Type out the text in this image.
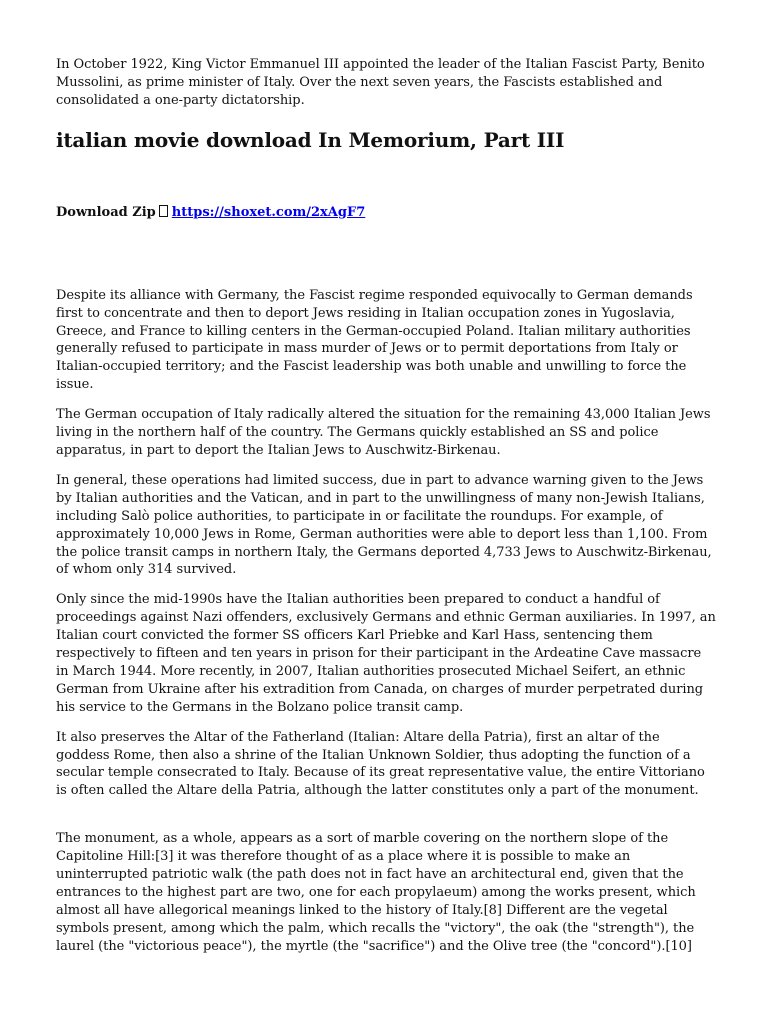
In October 1922, King Victor Emmanuel III appointed the leader of the Italian Fascist Party, Benito Mussolini, as prime minister of Italy. Over the next seven years, the Fascists established and consolidated a one-party dictatorship.

italian movie download In Memorium, Part III

Download Zip https://shoxet.com/2xAgF7

Despite its alliance with Germany, the Fascist regime responded equivocally to German demands first to concentrate and then to deport Jews residing in Italian occupation zones in Yugoslavia, Greece, and France to killing centers in the German-occupied Poland. Italian military authorities generally refused to participate in mass murder of Jews or to permit deportations from Italy or Italian-occupied territory; and the Fascist leadership was both unable and unwilling to force the issue.

The German occupation of Italy radically altered the situation for the remaining 43,000 Italian Jews living in the northern half of the country. The Germans quickly established an SS and police apparatus, in part to deport the Italian Jews to Auschwitz-Birkenau.

In general, these operations had limited success, due in part to advance warning given to the Jews by Italian authorities and the Vatican, and in part to the unwillingness of many non-Jewish Italians, including Salò police authorities, to participate in or facilitate the roundups. For example, of approximately 10,000 Jews in Rome, German authorities were able to deport less than 1,100. From the police transit camps in northern Italy, the Germans deported 4,733 Jews to Auschwitz-Birkenau, of whom only 314 survived.

Only since the mid-1990s have the Italian authorities been prepared to conduct a handful of proceedings against Nazi offenders, exclusively Germans and ethnic German auxiliaries. In 1997, an Italian court convicted the former SS officers Karl Priebke and Karl Hass, sentencing them respectively to fifteen and ten years in prison for their participant in the Ardeatine Cave massacre in March 1944. More recently, in 2007, Italian authorities prosecuted Michael Seifert, an ethnic German from Ukraine after his extradition from Canada, on charges of murder perpetrated during his service to the Germans in the Bolzano police transit camp.

It also preserves the Altar of the Fatherland (Italian: Altare della Patria), first an altar of the goddess Rome, then also a shrine of the Italian Unknown Soldier, thus adopting the function of a secular temple consecrated to Italy. Because of its great representative value, the entire Vittoriano is often called the Altare della Patria, although the latter constitutes only a part of the monument.

The monument, as a whole, appears as a sort of marble covering on the northern slope of the Capitoline Hill:[3] it was therefore thought of as a place where it is possible to make an uninterrupted patriotic walk (the path does not in fact have an architectural end, given that the entrances to the highest part are two, one for each propylaeum) among the works present, which almost all have allegorical meanings linked to the history of Italy.[8] Different are the vegetal symbols present, among which the palm, which recalls the "victory", the oak (the "strength"), the laurel (the "victorious peace"), the myrtle (the "sacrifice") and the Olive tree (the "concord").[10]
